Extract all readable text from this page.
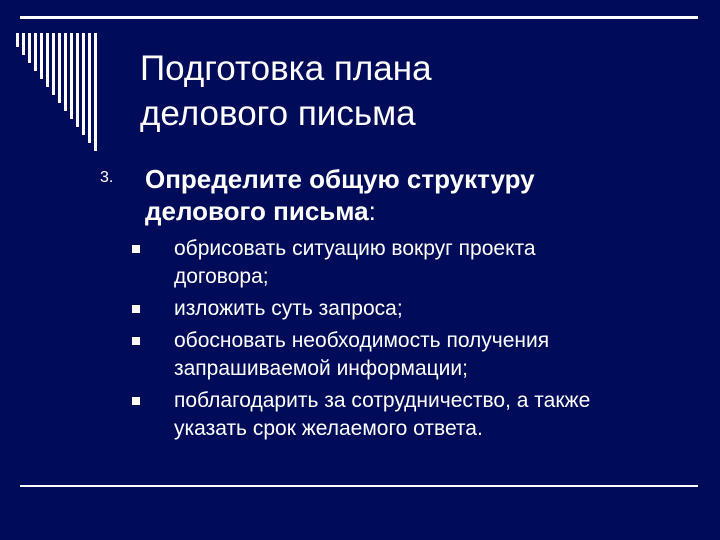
Подготовка плана
делового письма
3. Определите общую структуру
делового письма:
обрисовать ситуацию вокруг проекта
договора;
изложить суть запроса;
обосновать необходимость получения
запрашиваемой информации;
поблагодарить за сотрудничество, а также
указать срок желаемого ответа.
